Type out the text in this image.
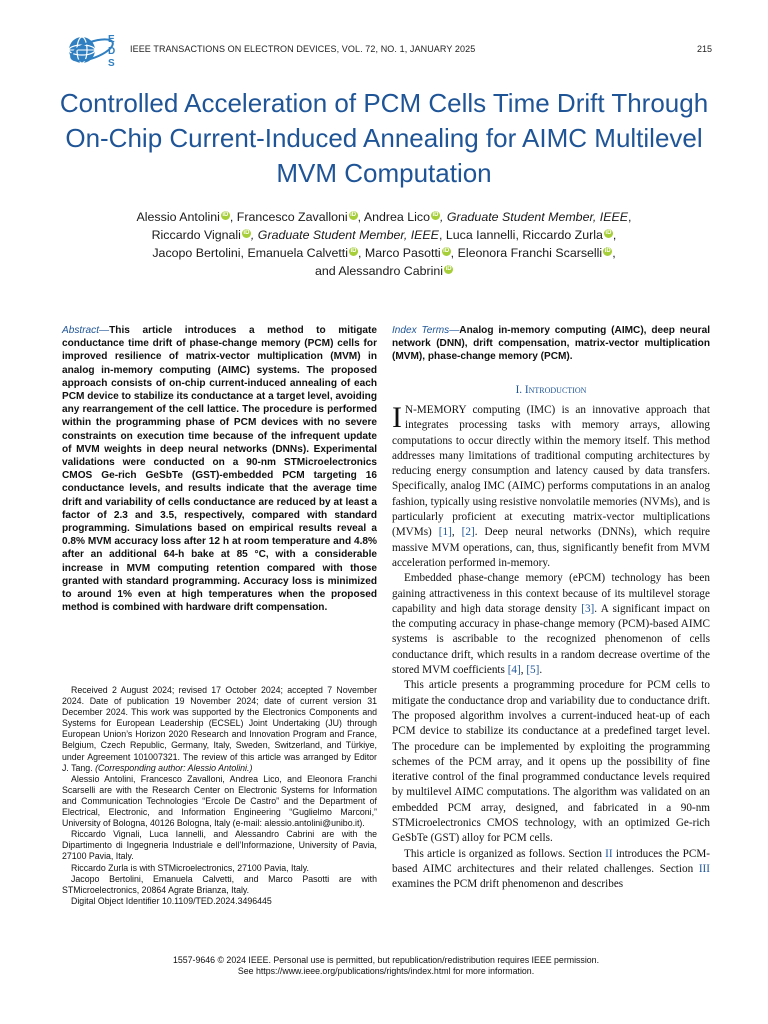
E
D
S
IEEE TRANSACTIONS ON ELECTRON DEVICES, VOL. 72, NO. 1, JANUARY 2025	215
Controlled Acceleration of PCM Cells Time Drift Through On-Chip Current-Induced Annealing for AIMC Multilevel MVM Computation
Alessio Antolini iD , Francesco Zavalloni iD , Andrea Lico iD , Graduate Student Member, IEEE,
Riccardo Vignali iD , Graduate Student Member, IEEE, Luca Iannelli, Riccardo Zurla iD ,
Jacopo Bertolini, Emanuela Calvetti iD , Marco Pasotti iD , Eleonora Franchi Scarselli iD ,
and Alessandro Cabrini iD
Abstract—This article introduces a method to mitigate conductance time drift of phase-change memory (PCM) cells for improved resilience of matrix-vector multiplication (MVM) in analog in-memory computing (AIMC) systems. The proposed approach consists of on-chip current-induced annealing of each PCM device to stabilize its conductance at a target level, avoiding any rearrangement of the cell lattice. The procedure is performed within the programming phase of PCM devices with no severe constraints on execution time because of the infrequent update of MVM weights in deep neural networks (DNNs). Experimental validations were conducted on a 90-nm STMicroelectronics CMOS Ge-rich GeSbTe (GST)-embedded PCM targeting 16 conductance levels, and results indicate that the average time drift and variability of cells conductance are reduced by at least a factor of 2.3 and 3.5, respectively, compared with standard programming. Simulations based on empirical results reveal a 0.8% MVM accuracy loss after 12 h at room temperature and 4.8% after an additional 64-h bake at 85 °C, with a considerable increase in MVM computing retention compared with those granted with standard programming. Accuracy loss is minimized to around 1% even at high temperatures when the proposed method is combined with hardware drift compensation.
Index Terms—Analog in-memory computing (AIMC), deep neural network (DNN), drift compensation, matrix-vector multiplication (MVM), phase-change memory (PCM).
I. Introduction

I N-MEMORY computing (IMC) is an innovative approach that integrates processing tasks with memory arrays, allowing computations to occur directly within the memory itself. This method addresses many limitations of traditional computing architectures by reducing energy consumption and latency caused by data transfers. Specifically, analog IMC (AIMC) performs computations in an analog fashion, typically using resistive nonvolatile memories (NVMs), and is particularly proficient at executing matrix-vector multiplications (MVMs) [1], [2]. Deep neural networks (DNNs), which require massive MVM operations, can, thus, significantly benefit from MVM acceleration performed in-memory.

Embedded phase-change memory (ePCM) technology has been gaining attractiveness in this context because of its multilevel storage capability and high data storage density [3]. A significant impact on the computing accuracy in phase-change memory (PCM)-based AIMC systems is ascribable to the recognized phenomenon of cells conductance drift, which results in a random decrease overtime of the stored MVM coefficients [4], [5].

This article presents a programming procedure for PCM cells to mitigate the conductance drop and variability due to conductance drift. The proposed algorithm involves a current-induced heat-up of each PCM device to stabilize its conductance at a predefined target level. The procedure can be implemented by exploiting the programming schemes of the PCM array, and it opens up the possibility of fine iterative control of the final programmed conductance levels required by multilevel AIMC computations. The algorithm was validated on an embedded PCM array, designed, and fabricated in a 90-nm STMicroelectronics CMOS technology, with an optimized Ge-rich GeSbTe (GST) alloy for PCM cells.

This article is organized as follows. Section II introduces the PCM-based AIMC architectures and their related challenges. Section III examines the PCM drift phenomenon and describes

Received 2 August 2024; revised 17 October 2024; accepted 7 November 2024. Date of publication 19 November 2024; date of current version 31 December 2024. This work was supported by the Electronics Components and Systems for European Leadership (ECSEL) Joint Undertaking (JU) through European Union’s Horizon 2020 Research and Innovation Program and France, Belgium, Czech Republic, Germany, Italy, Sweden, Switzerland, and Türkiye, under Agreement 101007321. The review of this article was arranged by Editor J. Tang. (Corresponding author: Alessio Antolini.)

Alessio Antolini, Francesco Zavalloni, Andrea Lico, and Eleonora Franchi Scarselli are with the Research Center on Electronic Systems for Information and Communication Technologies “Ercole De Castro” and the Department of Electrical, Electronic, and Information Engineering “Guglielmo Marconi,” University of Bologna, 40126 Bologna, Italy (e-mail: alessio.antolini@unibo.it).

Riccardo Vignali, Luca Iannelli, and Alessandro Cabrini are with the Dipartimento di Ingegneria Industriale e dell’Informazione, University of Pavia, 27100 Pavia, Italy.

Riccardo Zurla is with STMicroelectronics, 27100 Pavia, Italy.

Jacopo Bertolini, Emanuela Calvetti, and Marco Pasotti are with STMicroelectronics, 20864 Agrate Brianza, Italy.

Digital Object Identifier 10.1109/TED.2024.3496445

1557-9646 © 2024 IEEE. Personal use is permitted, but republication/redistribution requires IEEE permission.
See https://www.ieee.org/publications/rights/index.html for more information.
